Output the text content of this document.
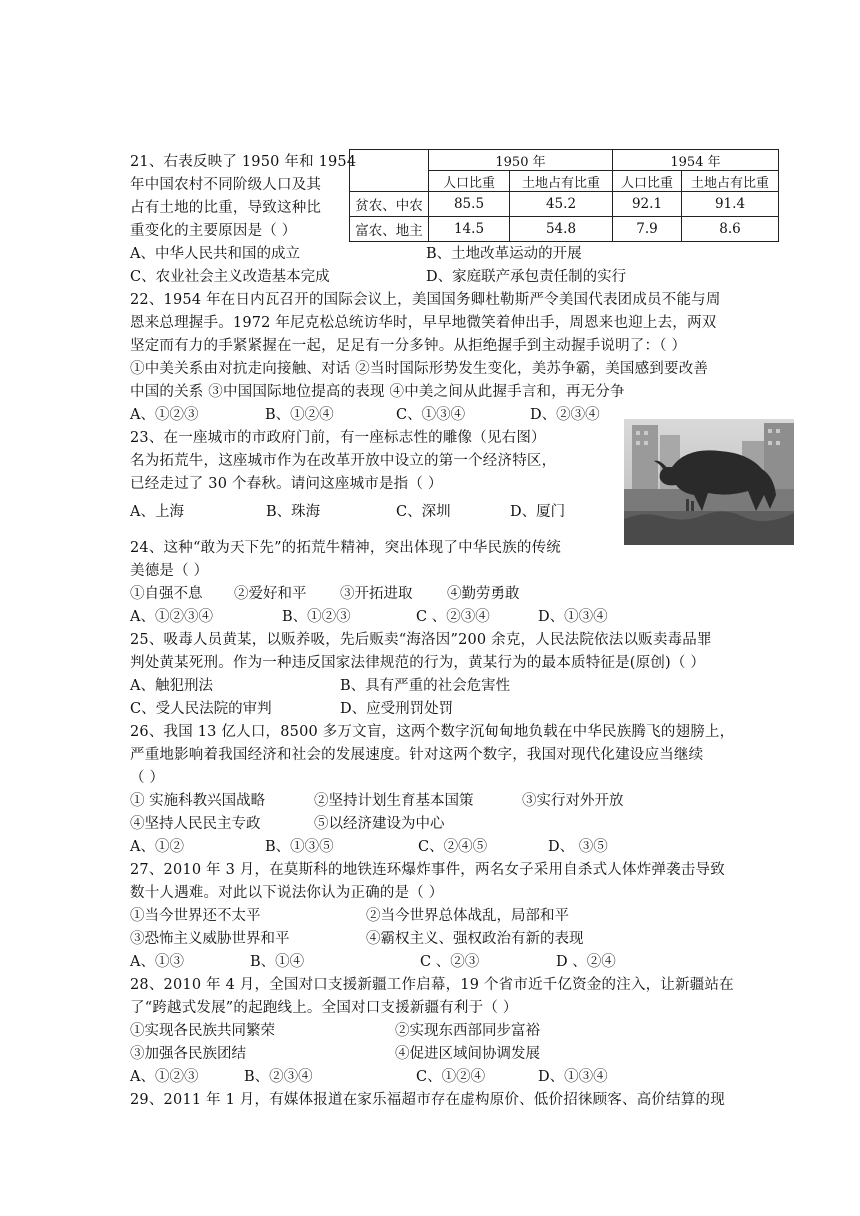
21、右表反映了 1950 年和 1954
年中国农村不同阶级人口及其
占有土地的比重，导致这种比
重变化的主要原因是（ ）
	1950 年		1954 年	
	人口比重	土地占有比重	人口比重	土地占有比重
贫农、中农	85.5	45.2	92.1	91.4
富农、地主	14.5	54.8	7.9	8.6
A、中华人民共和国的成立	B、土地改革运动的开展
C、农业社会主义改造基本完成	D、家庭联产承包责任制的实行
22、1954 年在日内瓦召开的国际会议上，美国国务卿杜勒斯严令美国代表团成员不能与周
恩来总理握手。1972 年尼克松总统访华时，早早地微笑着伸出手，周恩来也迎上去，两双
坚定而有力的手紧紧握在一起，足足有一分多钟。从拒绝握手到主动握手说明了：（ ）
①中美关系由对抗走向接触、对话 ②当时国际形势发生变化，美苏争霸，美国感到要改善
中国的关系 ③中国国际地位提高的表现 ④中美之间从此握手言和，再无分争
A、①②③	B、①②④	C、①③④	D、②③④
23、在一座城市的市政府门前，有一座标志性的雕像（见右图）
名为拓荒牛，这座城市作为在改革开放中设立的第一个经济特区，
已经走过了 30 个春秋。请问这座城市是指（ ）
A、上海	B、珠海	C、深圳	D、厦门
24、这种“敢为天下先”的拓荒牛精神，突出体现了中华民族的传统
美德是（ ）
①自强不息 ②爱好和平 ③开拓进取 ④勤劳勇敢
A、①②③④	B、①②③	C 、②③④	D、①③④
25、吸毒人员黄某，以贩养吸，先后贩卖“海洛因”200 余克，人民法院依法以贩卖毒品罪
判处黄某死刑。作为一种违反国家法律规范的行为，黄某行为的最本质特征是(原创)（ ）
A、触犯刑法	B、具有严重的社会危害性
C、受人民法院的审判	D、应受刑罚处罚
26、我国 13 亿人口，8500 多万文盲，这两个数字沉甸甸地负载在中华民族腾飞的翅膀上，
严重地影响着我国经济和社会的发展速度。针对这两个数字，我国对现代化建设应当继续
（ ）
① 实施科教兴国战略	②坚持计划生育基本国策	③实行对外开放
④坚持人民民主专政	⑤以经济建设为中心
A、①②	B、①③⑤	C、②④⑤	D、 ③⑤
27、2010 年 3 月，在莫斯科的地铁连环爆炸事件，两名女子采用自杀式人体炸弹袭击导致
数十人遇难。对此以下说法你认为正确的是（ ）
①当今世界还不太平	②当今世界总体战乱，局部和平
③恐怖主义威胁世界和平	④霸权主义、强权政治有新的表现
A、①③	B、①④	C 、②③	D 、②④
28、2010 年 4 月，全国对口支援新疆工作启幕，19 个省市近千亿资金的注入，让新疆站在
了“跨越式发展”的起跑线上。全国对口支援新疆有利于（ ）
①实现各民族共同繁荣	②实现东西部同步富裕
③加强各民族团结	④促进区域间协调发展
A、①②③	B、②③④	C、①②④	D、①③④
29、2011 年 1 月，有媒体报道在家乐福超市存在虚构原价、低价招徕顾客、高价结算的现
